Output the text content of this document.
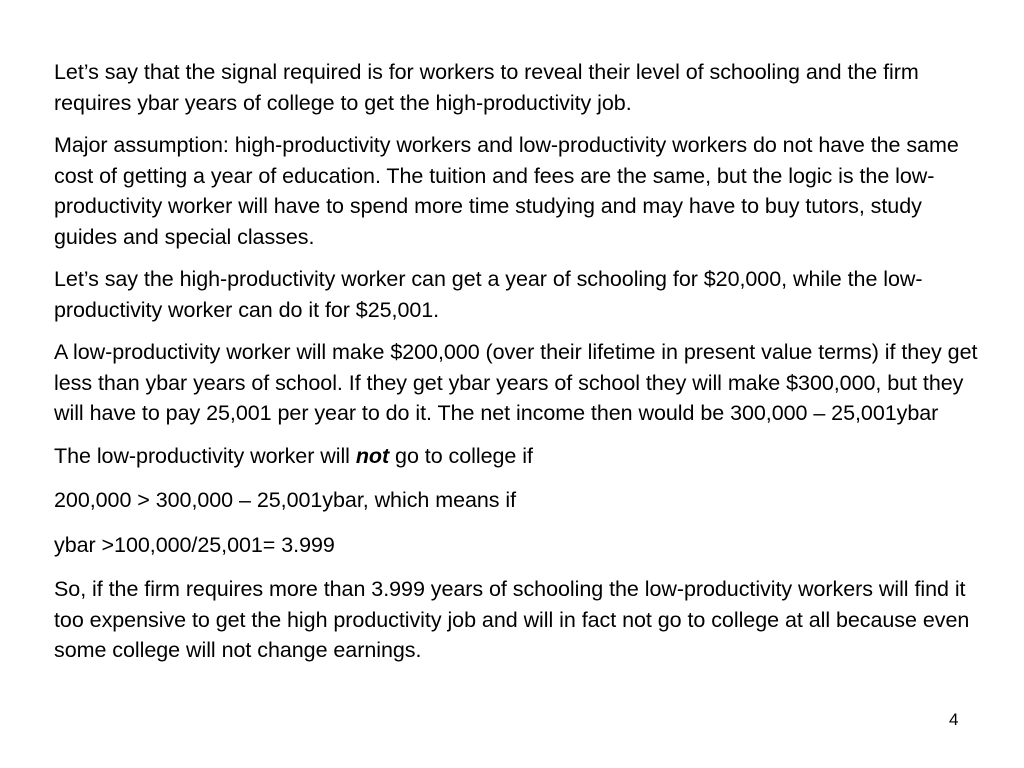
Let’s say that the signal required is for workers to reveal their level of schooling and the firm requires ybar years of college to get the high-productivity job.

Major assumption: high-productivity workers and low-productivity workers do not have the same cost of getting a year of education. The tuition and fees are the same, but the logic is the low-productivity worker will have to spend more time studying and may have to buy tutors, study guides and special classes.

Let’s say the high-productivity worker can get a year of schooling for $20,000, while the low-productivity worker can do it for $25,001.

A low-productivity worker will make $200,000 (over their lifetime in present value terms) if they get less than ybar years of school. If they get ybar years of school they will make $300,000, but they will have to pay 25,001 per year to do it. The net income then would be 300,000 – 25,001ybar

The low-productivity worker will not go to college if

200,000 > 300,000 – 25,001ybar, which means if

ybar >100,000/25,001= 3.999

So, if the firm requires more than 3.999 years of schooling the low-productivity workers will find it too expensive to get the high productivity job and will in fact not go to college at all because even some college will not change earnings.

4
